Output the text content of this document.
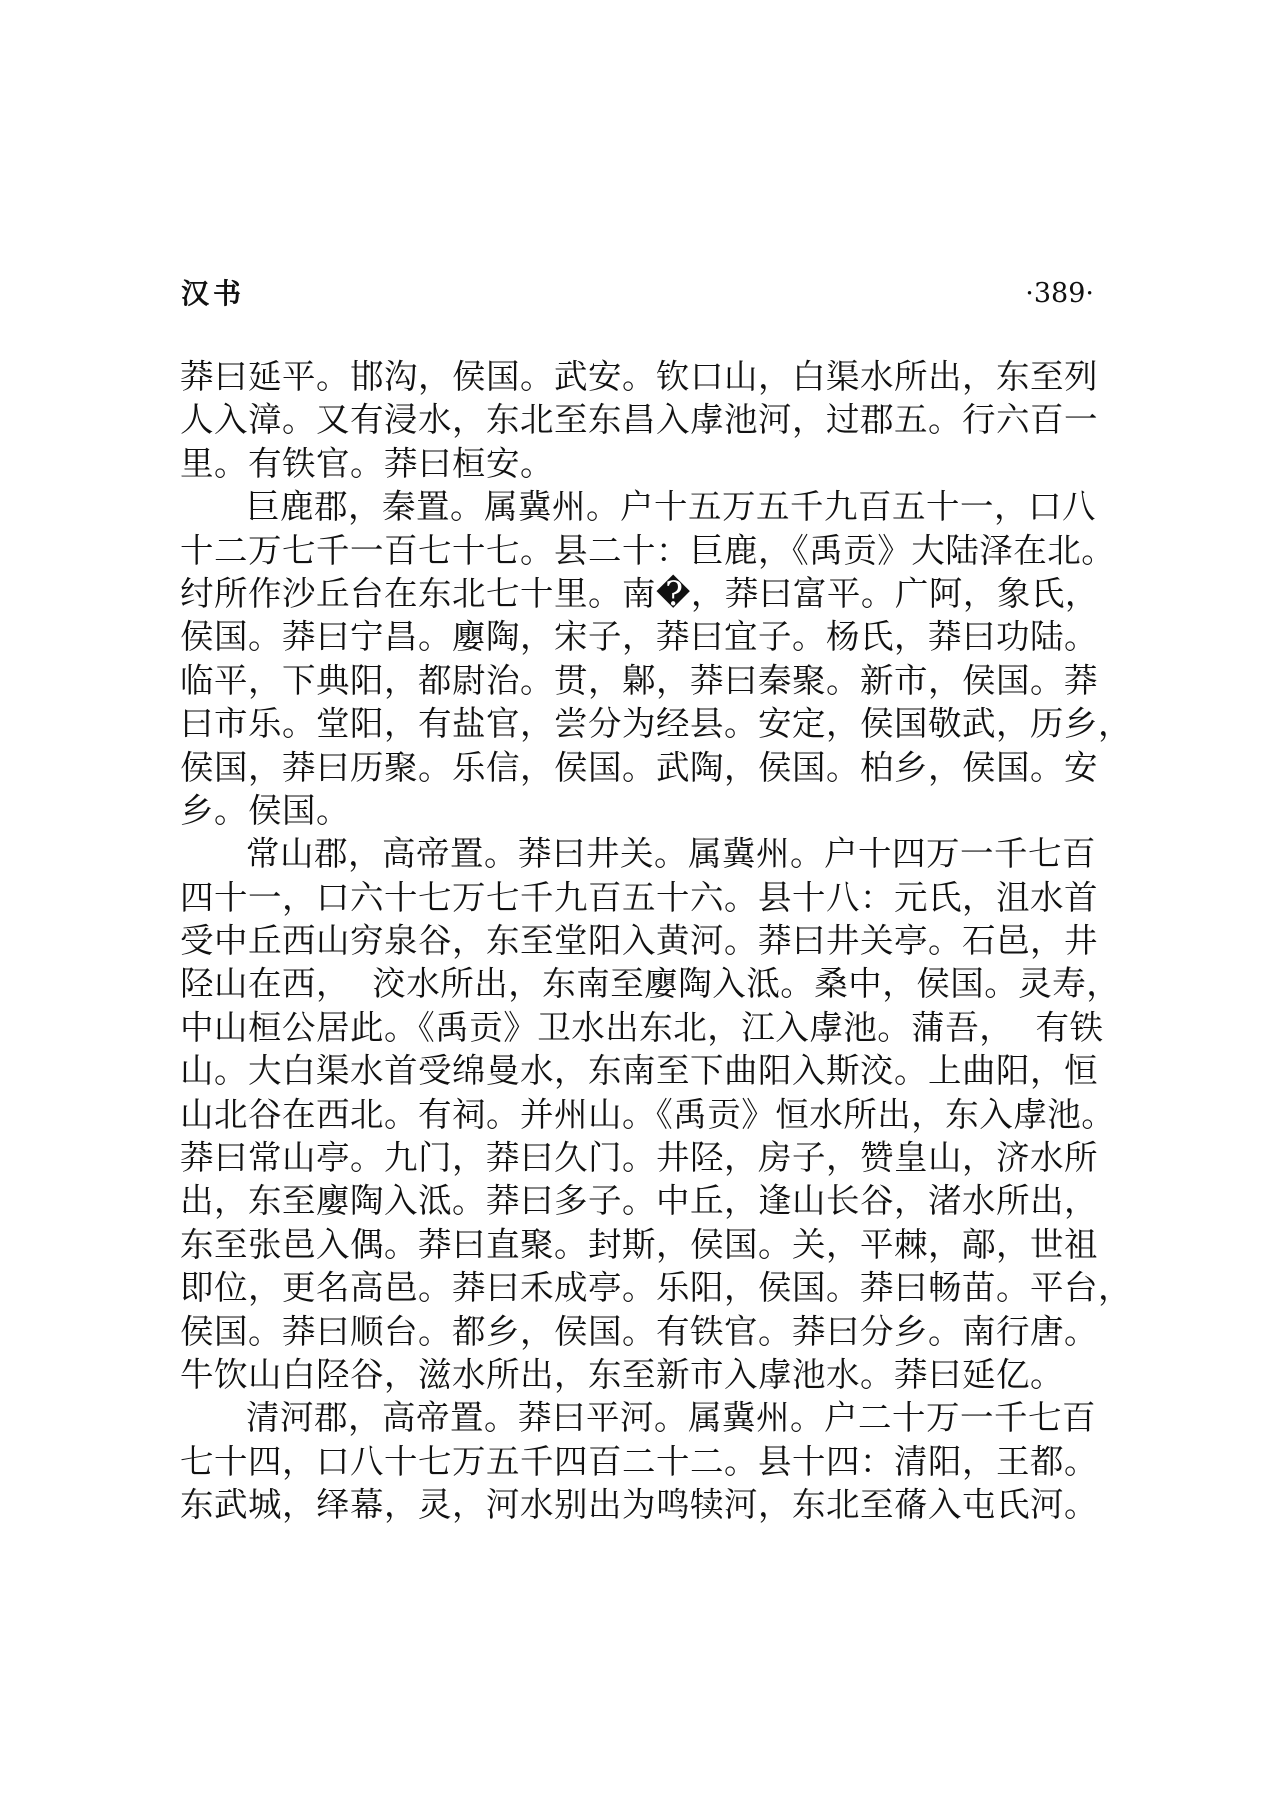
汉书	·389·
莽曰延平。邯沟，侯国。武安。钦口山，白渠水所出，东至列
人入漳。又有浸水，东北至东昌入虖池河，过郡五。行六百一
里。有铁官。莽曰桓安。
巨鹿郡，秦置。属冀州。户十五万五千九百五十一，口八
十二万七千一百七十七。县二十：巨鹿，《禹贡》大陆泽在北。
纣所作沙丘台在东北七十里。南�，莽曰富平。广阿，象氏，
侯国。莽曰宁昌。廮陶，宋子，莽曰宜子。杨氏，莽曰功陆。
临平，下典阳，都尉治。贯，鄡，莽曰秦聚。新市，侯国。莽
曰市乐。堂阳，有盐官，尝分为经县。安定，侯国敬武，历乡，
侯国，莽曰历聚。乐信，侯国。武陶，侯国。柏乡，侯国。安
乡。侯国。
常山郡，高帝置。莽曰井关。属冀州。户十四万一千七百
四十一，口六十七万七千九百五十六。县十八：元氏，沮水首
受中丘西山穷泉谷，东至堂阳入黄河。莽曰井关亭。石邑，井
陉山在西，  洨水所出，东南至廮陶入泜。桑中，侯国。灵寿，
中山桓公居此。《禹贡》卫水出东北，江入虖池。蒲吾，  有铁
山。大白渠水首受绵曼水，东南至下曲阳入斯洨。上曲阳，恒
山北谷在西北。有祠。并州山。《禹贡》恒水所出，东入虖池。
莽曰常山亭。九门，莽曰久门。井陉，房子，赞皇山，济水所
出，东至廮陶入泜。莽曰多子。中丘，逢山长谷，渚水所出，
东至张邑入偶。莽曰直聚。封斯，侯国。关，平棘，鄗，世祖
即位，更名高邑。莽曰禾成亭。乐阳，侯国。莽曰畅苗。平台，
侯国。莽曰顺台。都乡，侯国。有铁官。莽曰分乡。南行唐。
牛饮山白陉谷，滋水所出，东至新市入虖池水。莽曰延亿。
清河郡，高帝置。莽曰平河。属冀州。户二十万一千七百
七十四，口八十七万五千四百二十二。县十四：清阳，王都。
东武城，绎幕，灵，河水别出为鸣犊河，东北至蓨入屯氏河。
